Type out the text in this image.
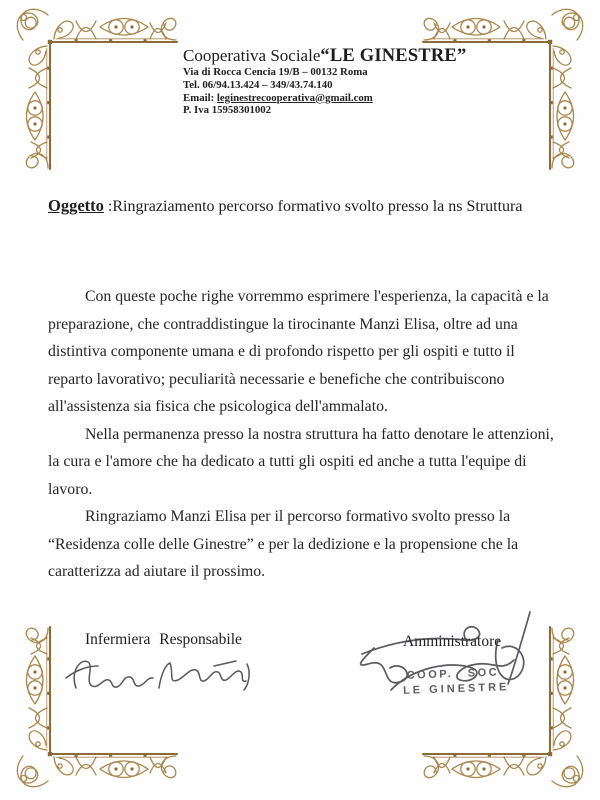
Cooperativa Sociale“LE GINESTRE”
Via di Rocca Cencia 19/B – 00132 Roma
Tel. 06/94.13.424 – 349/43.74.140
Email: leginestrecooperativa@gmail.com
P. Iva 15958301002
Oggetto :Ringraziamento percorso formativo svolto presso la ns Struttura
Con queste poche righe vorremmo esprimere l'esperienza, la capacità e la
preparazione, che contraddistingue la tirocinante Manzi Elisa, oltre ad una
distintiva componente umana e di profondo rispetto per gli ospiti e tutto il
reparto lavorativo; peculiarità necessarie e benefiche che contribuiscono
all'assistenza sia fisica che psicologica dell'ammalato.
Nella permanenza presso la nostra struttura ha fatto denotare le attenzioni,
la cura e l'amore che ha dedicato a tutti gli ospiti ed anche a tutta l'equipe di
lavoro.
Ringraziamo Manzi Elisa per il percorso formativo svolto presso la
“Residenza colle delle Ginestre” e per la dedizione e la propensione che la
caratterizza ad aiutare il prossimo.
Infermiera Responsabile	Amministratore
COOP. SOC.
LE GINESTRE
